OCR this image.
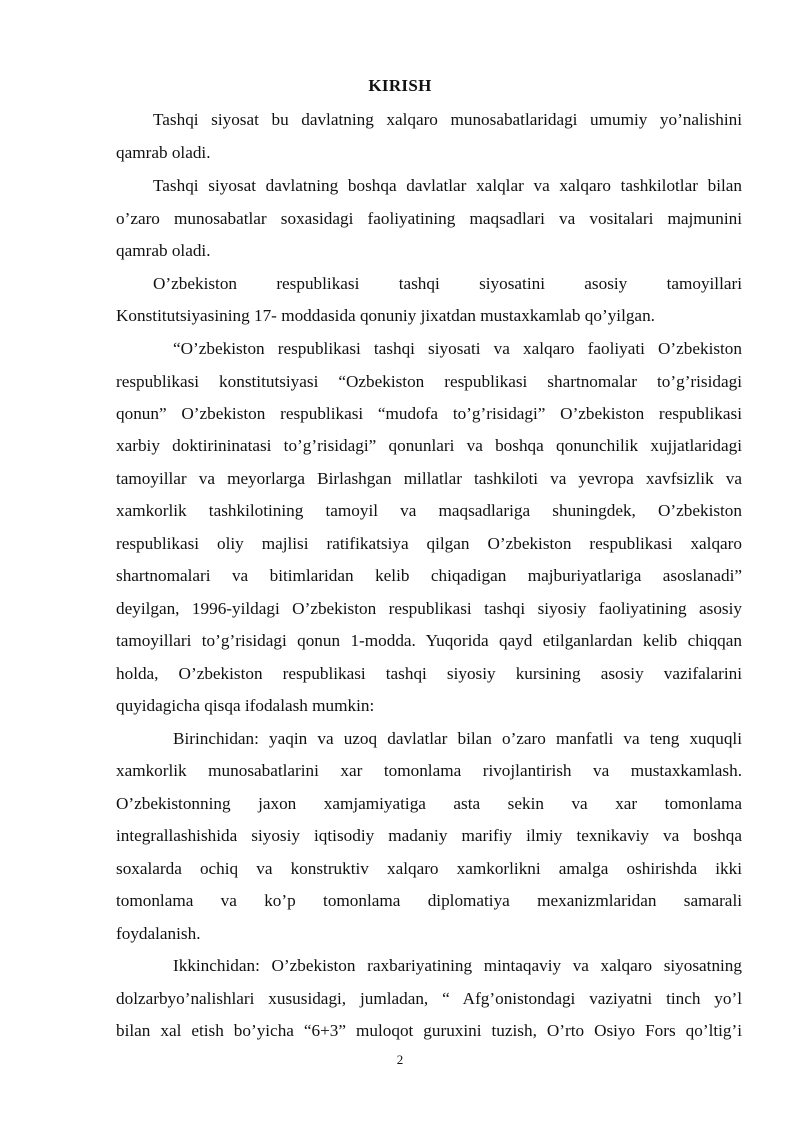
KIRISH
Tashqi siyosat bu davlatning xalqaro munosabatlaridagi umumiy yo’nalishini
qamrab oladi.
Tashqi siyosat davlatning boshqa davlatlar xalqlar va xalqaro tashkilotlar bilan
o’zaro munosabatlar soxasidagi faoliyatining maqsadlari va vositalari majmunini
qamrab oladi.
O’zbekiston respublikasi tashqi siyosatini asosiy tamoyillari
Konstitutsiyasining 17- moddasida qonuniy jixatdan mustaxkamlab qo’yilgan.
“O’zbekiston respublikasi tashqi siyosati va xalqaro faoliyati O’zbekiston
respublikasi konstitutsiyasi “Ozbekiston respublikasi shartnomalar to’g’risidagi
qonun” O’zbekiston respublikasi “mudofa to’g’risidagi” O’zbekiston respublikasi
xarbiy doktirininatasi to’g’risidagi” qonunlari va boshqa qonunchilik xujjatlaridagi
tamoyillar va meyorlarga Birlashgan millatlar tashkiloti va yevropa xavfsizlik va
xamkorlik tashkilotining tamoyil va maqsadlariga shuningdek, O’zbekiston
respublikasi oliy majlisi ratifikatsiya qilgan O’zbekiston respublikasi xalqaro
shartnomalari va bitimlaridan kelib chiqadigan majburiyatlariga asoslanadi”
deyilgan, 1996-yildagi O’zbekiston respublikasi tashqi siyosiy faoliyatining asosiy
tamoyillari to’g’risidagi qonun 1-modda. Yuqorida qayd etilganlardan kelib chiqqan
holda, O’zbekiston respublikasi tashqi siyosiy kursining asosiy vazifalarini
quyidagicha qisqa ifodalash mumkin:
Birinchidan: yaqin va uzoq davlatlar bilan o’zaro manfatli va teng xuquqli
xamkorlik munosabatlarini xar tomonlama rivojlantirish va mustaxkamlash.
O’zbekistonning jaxon xamjamiyatiga asta sekin va xar tomonlama
integrallashishida siyosiy iqtisodiy madaniy marifiy ilmiy texnikaviy va boshqa
soxalarda ochiq va konstruktiv xalqaro xamkorlikni amalga oshirishda ikki
tomonlama va ko’p tomonlama diplomatiya mexanizmlaridan samarali
foydalanish.
Ikkinchidan: O’zbekiston raxbariyatining mintaqaviy va xalqaro siyosatning
dolzarbyo’nalishlari xususidagi, jumladan, “ Afg’onistondagi vaziyatni tinch yo’l
bilan xal etish bo’yicha “6+3” muloqot guruxini tuzish, O’rto Osiyo Fors qo’ltig’i
2
